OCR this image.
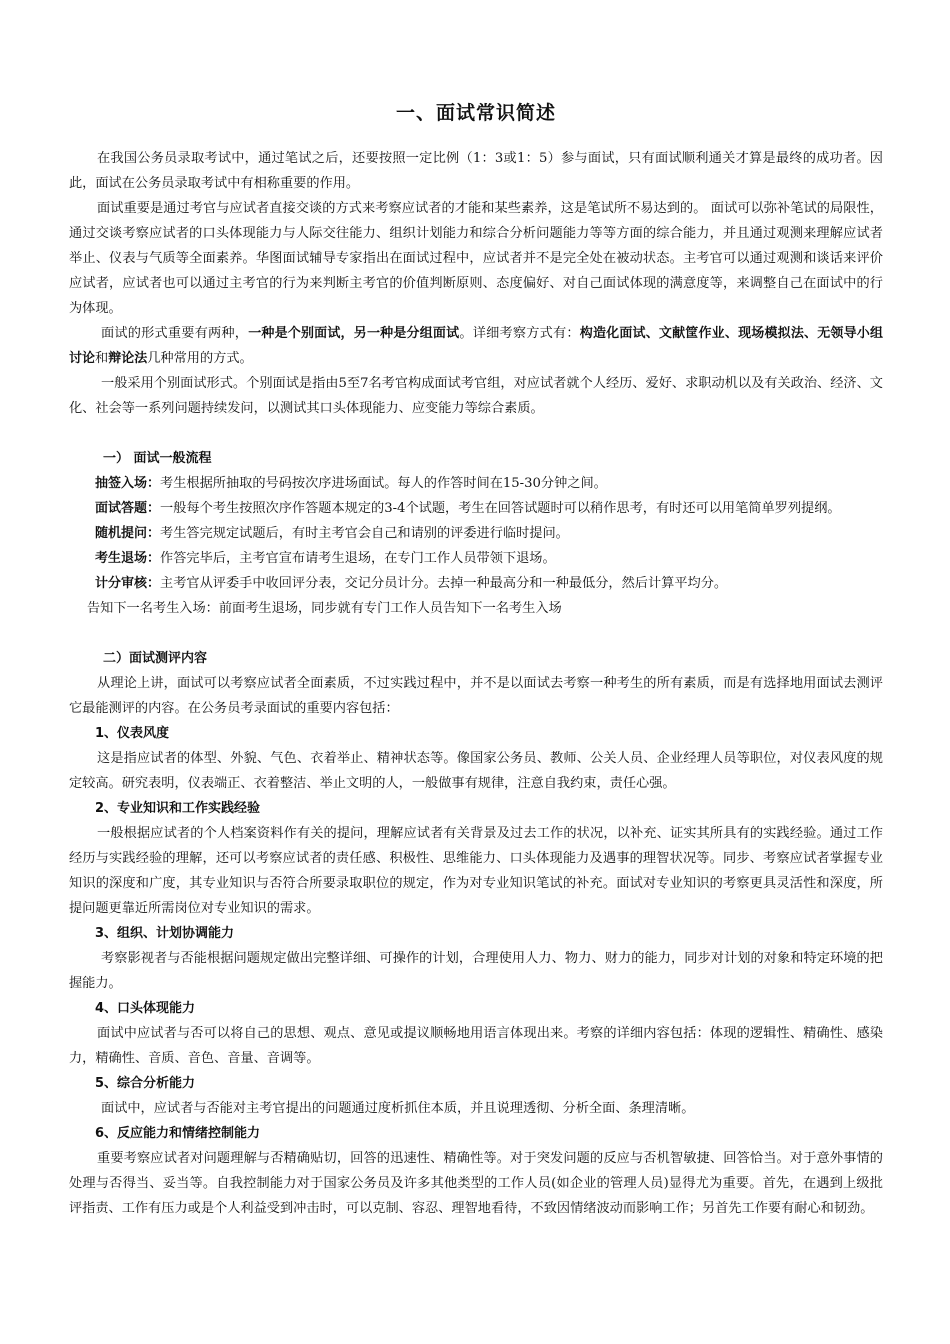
一、面试常识简述

在我国公务员录取考试中，通过笔试之后，还要按照一定比例（1：3或1：5）参与面试，只有面试顺利通关才算是最终的成功者。因此，面试在公务员录取考试中有相称重要的作用。

面试重要是通过考官与应试者直接交谈的方式来考察应试者的才能和某些素养，这是笔试所不易达到的。 面试可以弥补笔试的局限性，通过交谈考察应试者的口头体现能力与人际交往能力、组织计划能力和综合分析问题能力等等方面的综合能力，并且通过观测来理解应试者举止、仪表与气质等全面素养。华图面试辅导专家指出在面试过程中，应试者并不是完全处在被动状态。主考官可以通过观测和谈话来评价应试者，应试者也可以通过主考官的行为来判断主考官的价值判断原则、态度偏好、对自己面试体现的满意度等，来调整自己在面试中的行为体现。

面试的形式重要有两种，一种是个别面试，另一种是分组面试。详细考察方式有：构造化面试、文献筐作业、现场模拟法、无领导小组讨论和辩论法几种常用的方式。

一般采用个别面试形式。个别面试是指由5至7名考官构成面试考官组，对应试者就个人经历、爱好、求职动机以及有关政治、经济、文化、社会等一系列问题持续发问，以测试其口头体现能力、应变能力等综合素质。

一） 面试一般流程
抽签入场： 考生根据所抽取的号码按次序进场面试。每人的作答时间在15-30分钟之间。
面试答题： 一般每个考生按照次序作答题本规定的3-4个试题，考生在回答试题时可以稍作思考，有时还可以用笔简单罗列提纲。
随机提问： 考生答完规定试题后，有时主考官会自己和请别的评委进行临时提问。
考生退场： 作答完毕后，主考官宣布请考生退场，在专门工作人员带领下退场。
计分审核： 主考官从评委手中收回评分表，交记分员计分。去掉一种最高分和一种最低分，然后计算平均分。
告知下一名考生入场：前面考生退场，同步就有专门工作人员告知下一名考生入场
二）面试测评内容

从理论上讲，面试可以考察应试者全面素质，不过实践过程中，并不是以面试去考察一种考生的所有素质，而是有选择地用面试去测评它最能测评的内容。在公务员考录面试的重要内容包括：

1、仪表风度

这是指应试者的体型、外貌、气色、衣着举止、精神状态等。像国家公务员、教师、公关人员、企业经理人员等职位，对仪表风度的规定较高。研究表明，仪表端正、衣着整洁、举止文明的人，一般做事有规律，注意自我约束，责任心强。

2、专业知识和工作实践经验

一般根据应试者的个人档案资料作有关的提问，理解应试者有关背景及过去工作的状况，以补充、证实其所具有的实践经验。通过工作经历与实践经验的理解，还可以考察应试者的责任感、积极性、思维能力、口头体现能力及遇事的理智状况等。同步、考察应试者掌握专业知识的深度和广度，其专业知识与否符合所要录取职位的规定，作为对专业知识笔试的补充。面试对专业知识的考察更具灵活性和深度，所提问题更靠近所需岗位对专业知识的需求。

3、组织、计划协调能力

考察影视者与否能根据问题规定做出完整详细、可操作的计划，合理使用人力、物力、财力的能力，同步对计划的对象和特定环境的把握能力。

4、口头体现能力

面试中应试者与否可以将自己的思想、观点、意见或提议顺畅地用语言体现出来。考察的详细内容包括：体现的逻辑性、精确性、感染力，精确性、音质、音色、音量、音调等。

5、综合分析能力

面试中，应试者与否能对主考官提出的问题通过度析抓住本质，并且说理透彻、分析全面、条理清晰。

6、反应能力和情绪控制能力

重要考察应试者对问题理解与否精确贴切，回答的迅速性、精确性等。对于突发问题的反应与否机智敏捷、回答恰当。对于意外事情的处理与否得当、妥当等。自我控制能力对于国家公务员及许多其他类型的工作人员(如企业的管理人员)显得尤为重要。首先，在遇到上级批评指责、工作有压力或是个人利益受到冲击时，可以克制、容忍、理智地看待，不致因情绪波动而影响工作；另首先工作要有耐心和韧劲。
